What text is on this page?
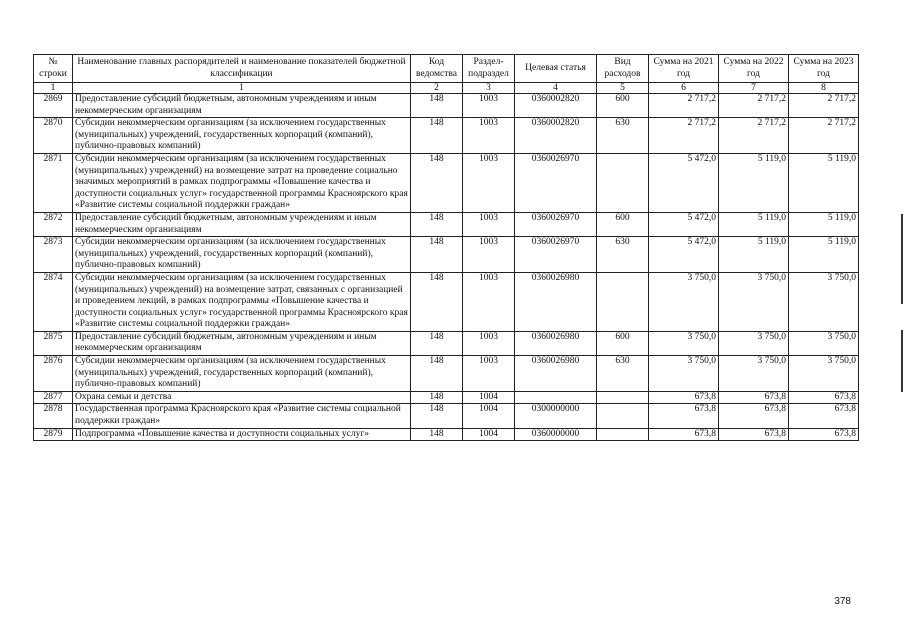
№ строки	Наименование главных распорядителей и наименование показателей бюджетной классификации	Код ведомства	Раздел-подраздел	Целевая статья	Вид расходов	Сумма на 2021 год	Сумма на 2022 год	Сумма на 2023 год
1	1	2	3	4	5	6	7	8
2869	Предоставление субсидий бюджетным, автономным учреждениям и иным некоммерческим организациям	148	1003	0360002820	600	2 717,2	2 717,2	2 717,2
2870	Субсидии некоммерческим организациям (за исключением государственных (муниципальных) учреждений, государственных корпораций (компаний), публично-правовых компаний)	148	1003	0360002820	630	2 717,2	2 717,2	2 717,2
2871	Субсидии некоммерческим организациям (за исключением государственных (муниципальных) учреждений) на возмещение затрат на проведение социально значимых мероприятий в рамках подпрограммы «Повышение качества и доступности социальных услуг» государственной программы Красноярского края «Развитие системы социальной поддержки граждан»	148	1003	0360026970		5 472,0	5 119,0	5 119,0
2872	Предоставление субсидий бюджетным, автономным учреждениям и иным некоммерческим организациям	148	1003	0360026970	600	5 472,0	5 119,0	5 119,0
2873	Субсидии некоммерческим организациям (за исключением государственных (муниципальных) учреждений, государственных корпораций (компаний), публично-правовых компаний)	148	1003	0360026970	630	5 472,0	5 119,0	5 119,0
2874	Субсидии некоммерческим организациям (за исключением государственных (муниципальных) учреждений) на возмещение затрат, связанных с организацией и проведением лекций, в рамках подпрограммы «Повышение качества и доступности социальных услуг» государственной программы Красноярского края «Развитие системы социальной поддержки граждан»	148	1003	0360026980		3 750,0	3 750,0	3 750,0
2875	Предоставление субсидий бюджетным, автономным учреждениям и иным некоммерческим организациям	148	1003	0360026980	600	3 750,0	3 750,0	3 750,0
2876	Субсидии некоммерческим организациям (за исключением государственных (муниципальных) учреждений, государственных корпораций (компаний), публично-правовых компаний)	148	1003	0360026980	630	3 750,0	3 750,0	3 750,0
2877	Охрана семьи и детства	148	1004			673,8	673,8	673,8
2878	Государственная программа Красноярского края «Развитие системы социальной поддержки граждан»	148	1004	0300000000		673,8	673,8	673,8
2879	Подпрограмма «Повышение качества и доступности социальных услуг»	148	1004	0360000000		673,8	673,8	673,8
378
